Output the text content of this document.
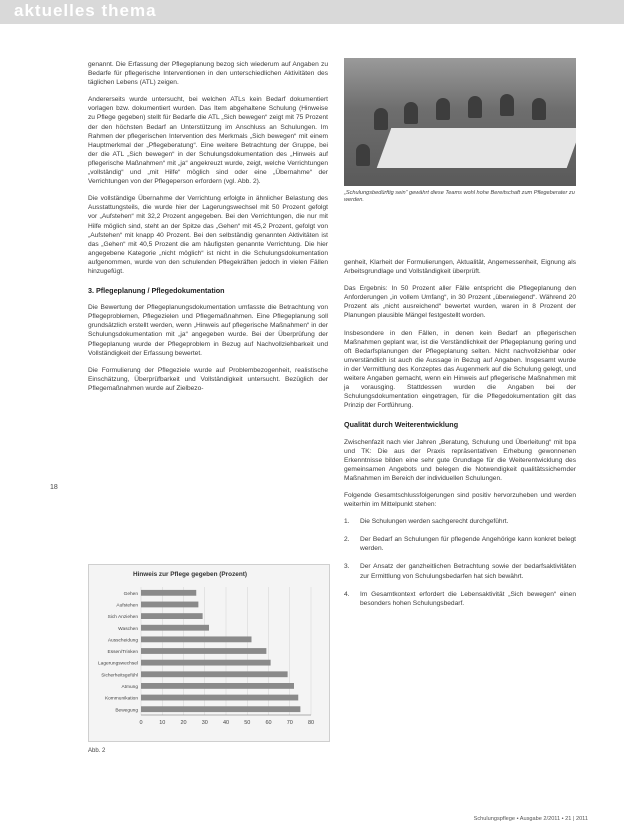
aktuelles thema

genannt. Die Erfassung der Pflegeplanung bezog sich wiederum auf Angaben zu Bedarfe für pflegerische Interventionen in den unterschiedlichen Aktivitäten des täglichen Lebens (ATL) zeigen.

Andererseits wurde untersucht, bei welchen ATLs kein Bedarf dokumentiert vorlagen bzw. dokumentiert wurden. Das Item abgehaltene Schulung (Hinweise zu Pflege gegeben) stellt für Bedarfe die ATL „Sich bewegen“ zeigt mit 75 Prozent der den höchsten Bedarf an Unterstützung im Anschluss an Schulungen. Im Rahmen der pflegerischen Intervention des Merkmals „Sich bewegen“ mit einem Hauptmerkmal der „Pflegeberatung“. Eine weitere Betrachtung der Gruppe, bei der die ATL „Sich bewegen“ in der Schulungsdokumentation des „Hinweis auf pflegerische Maßnahmen“ mit „ja“ angekreuzt wurde, zeigt, welche Verrichtungen „vollständig“ und „mit Hilfe“ möglich sind oder eine „Übernahme“ der Verrichtungen von der Pflegeperson erfordern (vgl. Abb. 2).

Die vollständige Übernahme der Verrichtung erfolgte in ähnlicher Belastung des Ausstattungsteils, die wurde hier der Lagerungswechsel mit 50 Prozent gefolgt vor „Aufstehen“ mit 32,2 Prozent angegeben. Bei den Verrichtungen, die nur mit Hilfe möglich sind, steht an der Spitze das „Gehen“ mit 45,2 Prozent, gefolgt von „Aufstehen“ mit knapp 40 Prozent. Bei den selbständig genannten Aktivitäten ist das „Gehen“ mit 40,5 Prozent die am häufigsten genannte Verrichtung. Die hier angegebene Kategorie „nicht möglich“ ist nicht in die Schulungsdokumentation aufgenommen, wurde von den schulenden Pflegekräften jedoch in vielen Fällen hinzugefügt.

3. Pflegeplanung / Pflegedokumentation

Die Bewertung der Pflegeplanungsdokumentation umfasste die Betrachtung von Pflegeproblemen, Pflegezielen und Pflegemaßnahmen. Eine Pflegeplanung soll grundsätzlich erstellt werden, wenn „Hinweis auf pflegerische Maßnahmen“ in der Schulungsdokumentation mit „ja“ angegeben wurde. Bei der Überprüfung der Pflegeplanung wurde der Pflegeproblem in Bezug auf Nachvollziehbarkeit und Vollständigkeit der Erfassung bewertet.

Die Formulierung der Pflegeziele wurde auf Problembezogenheit, realistische Einschätzung, Überprüfbarkeit und Vollständigkeit untersucht. Bezüglich der Pflegemaßnahmen wurde auf Zielbezo-

18
„Schulungsbedürftig sein“ gewährt diese Teams wohl hohe Bereitschaft zum Pflegeberater zu werden.

genheit, Klarheit der Formulierungen, Aktualität, Angemessenheit, Eignung als Arbeitsgrundlage und Vollständigkeit überprüft.

Das Ergebnis: In 50 Prozent aller Fälle entspricht die Pflegeplanung den Anforderungen „in vollem Umfang“, in 30 Prozent „überwiegend“. Während 20 Prozent als „nicht ausreichend“ bewertet wurden, waren in 8 Prozent der Planungen plausible Mängel festgestellt worden.

Insbesondere in den Fällen, in denen kein Bedarf an pflegerischen Maßnahmen geplant war, ist die Verständlichkeit der Pflegeplanung gering und oft Bedarfsplanungen der Pflegeplanung selten. Nicht nachvollziehbar oder unverständlich ist auch die Aussage in Bezug auf Angaben. Insgesamt wurde in der Vermittlung des Konzeptes das Augenmerk auf die Schulung gelegt, und weitere Angaben gemacht, wenn ein Hinweis auf pflegerische Maßnahmen mit ja vorausging. Stattdessen wurden die Angaben bei der Schulungsdokumentation eingetragen, für die Pflegedokumentation gilt das Prinzip der Fortführung.

Qualität durch Weiterentwicklung

Zwischenfazit nach vier Jahren „Beratung, Schulung und Überleitung“ mit bpa und TK: Die aus der Praxis repräsentativen Erhebung gewonnenen Erkenntnisse bilden eine sehr gute Grundlage für die Weiterentwicklung des gemeinsamen Angebots und belegen die Notwendigkeit qualitätssichernder Maßnahmen im Bereich der individuellen Schulungen.

Folgende Gesamtschlussfolgerungen sind positiv hervorzuheben und werden weiterhin im Mittelpunkt stehen:

1. Die Schulungen werden sachgerecht durchgeführt.
2. Der Bedarf an Schulungen für pflegende Angehörige kann konkret belegt werden.
3. Der Ansatz der ganzheitlichen Betrachtung sowie der bedarfsaktivitäten zur Ermittlung von Schulungsbedarfen hat sich bewährt.
4. Im Gesamtkontext erfordert die Lebensaktivität „Sich bewegen“ einen besonders hohen Schulungsbedarf.
Hinweis zur Pflege gegeben (Prozent)
0	10	20	30	40	50	60	70	80
Gehen
Aufstehen
Sich Anziehen
Waschen
Ausscheidung
Essen/Trinken
Lagerungswechsel
Sicherheitsgefühl
Atmung
Kommunikation
Bewegung
Abb. 2
Schulungspflege • Ausgabe 2/2011 • 21 | 2011
